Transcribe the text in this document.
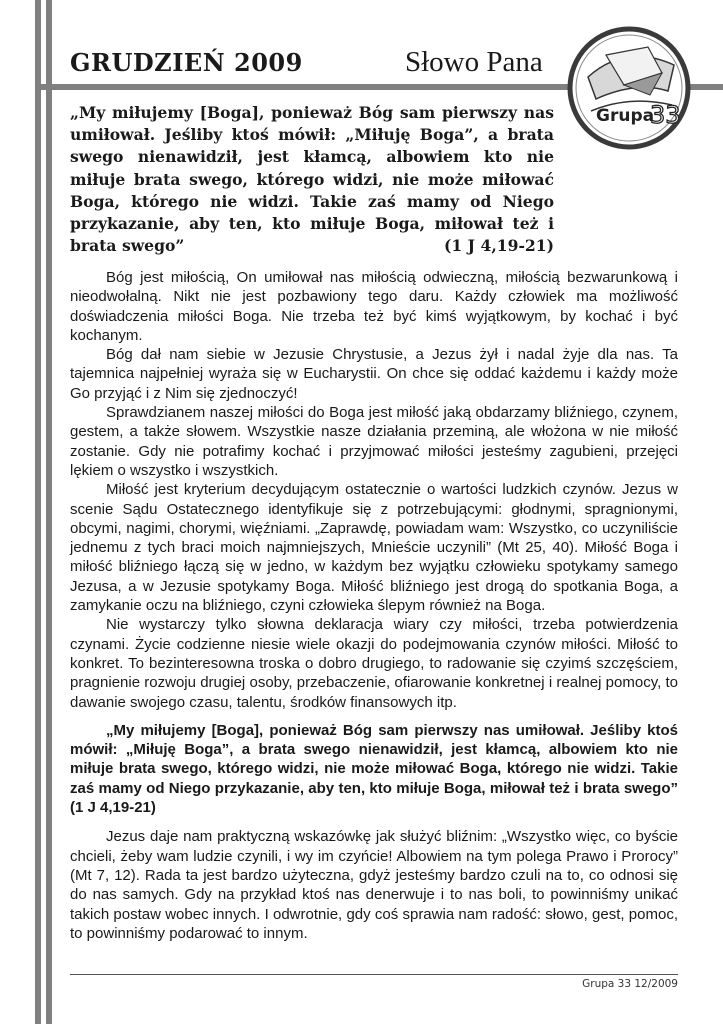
GRUDZIEŃ 2009	Słowo Pana
Grupa
33

„My miłujemy [Boga], ponieważ Bóg sam pierwszy nas umiłował. Jeśliby ktoś mówił: „Miłuję Boga”, a brata swego nienawidził, jest kłamcą, albowiem kto nie miłuje brata swego, którego widzi, nie może miłować Boga, którego nie widzi. Takie zaś mamy od Niego przykazanie, aby ten, kto miłuje Boga, miłował też i brata swego”	(1 J 4,19-21)

Bóg jest miłością, On umiłował nas miłością odwieczną, miłością bezwarunkową i nieodwołalną. Nikt nie jest pozbawiony tego daru. Każdy człowiek ma możliwość doświadczenia miłości Boga. Nie trzeba też być kimś wyjątkowym, by kochać i być kochanym.

Bóg dał nam siebie w Jezusie Chrystusie, a Jezus żył i nadal żyje dla nas. Ta tajemnica najpełniej wyraża się w Eucharystii. On chce się oddać każdemu i każdy może Go przyjąć i z Nim się zjednoczyć!

Sprawdzianem naszej miłości do Boga jest miłość jaką obdarzamy bliźniego, czynem, gestem, a także słowem. Wszystkie nasze działania przeminą, ale włożona w nie miłość zostanie. Gdy nie potrafimy kochać i przyjmować miłości jesteśmy zagubieni, przejęci lękiem o wszystko i wszystkich.

Miłość jest kryterium decydującym ostatecznie o wartości ludzkich czynów. Jezus w scenie Sądu Ostatecznego identyfikuje się z potrzebującymi: głodnymi, spragnionymi, obcymi, nagimi, chorymi, więźniami. „Zaprawdę, powiadam wam: Wszystko, co uczyniliście jednemu z tych braci moich najmniejszych, Mnieście uczynili” (Mt 25, 40). Miłość Boga i miłość bliźniego łączą się w jedno, w każdym bez wyjątku człowieku spotykamy samego Jezusa, a w Jezusie spotykamy Boga. Miłość bliźniego jest drogą do spotkania Boga, a zamykanie oczu na bliźniego, czyni człowieka ślepym również na Boga.

Nie wystarczy tylko słowna deklaracja wiary czy miłości, trzeba potwierdzenia czynami. Życie codzienne niesie wiele okazji do podejmowania czynów miłości. Miłość to konkret. To bezinteresowna troska o dobro drugiego, to radowanie się czyimś szczęściem, pragnienie rozwoju drugiej osoby, przebaczenie, ofiarowanie konkretnej i realnej pomocy, to dawanie swojego czasu, talentu, środków finansowych itp.

„My miłujemy [Boga], ponieważ Bóg sam pierwszy nas umiłował. Jeśliby ktoś mówił: „Miłuję Boga”, a brata swego nienawidził, jest kłamcą, albowiem kto nie miłuje brata swego, którego widzi, nie może miłować Boga, którego nie widzi. Takie zaś mamy od Niego przykazanie, aby ten, kto miłuje Boga, miłował też i brata swego” (1 J 4,19-21)

Jezus daje nam praktyczną wskazówkę jak służyć bliźnim: „Wszystko więc, co byście chcieli, żeby wam ludzie czynili, i wy im czyńcie! Albowiem na tym polega Prawo i Prorocy” (Mt 7, 12). Rada ta jest bardzo użyteczna, gdyż jesteśmy bardzo czuli na to, co odnosi się do nas samych. Gdy na przykład ktoś nas denerwuje i to nas boli, to powinniśmy unikać takich postaw wobec innych. I odwrotnie, gdy coś sprawia nam radość: słowo, gest, pomoc, to powinniśmy podarować to innym.

Grupa 33 12/2009
